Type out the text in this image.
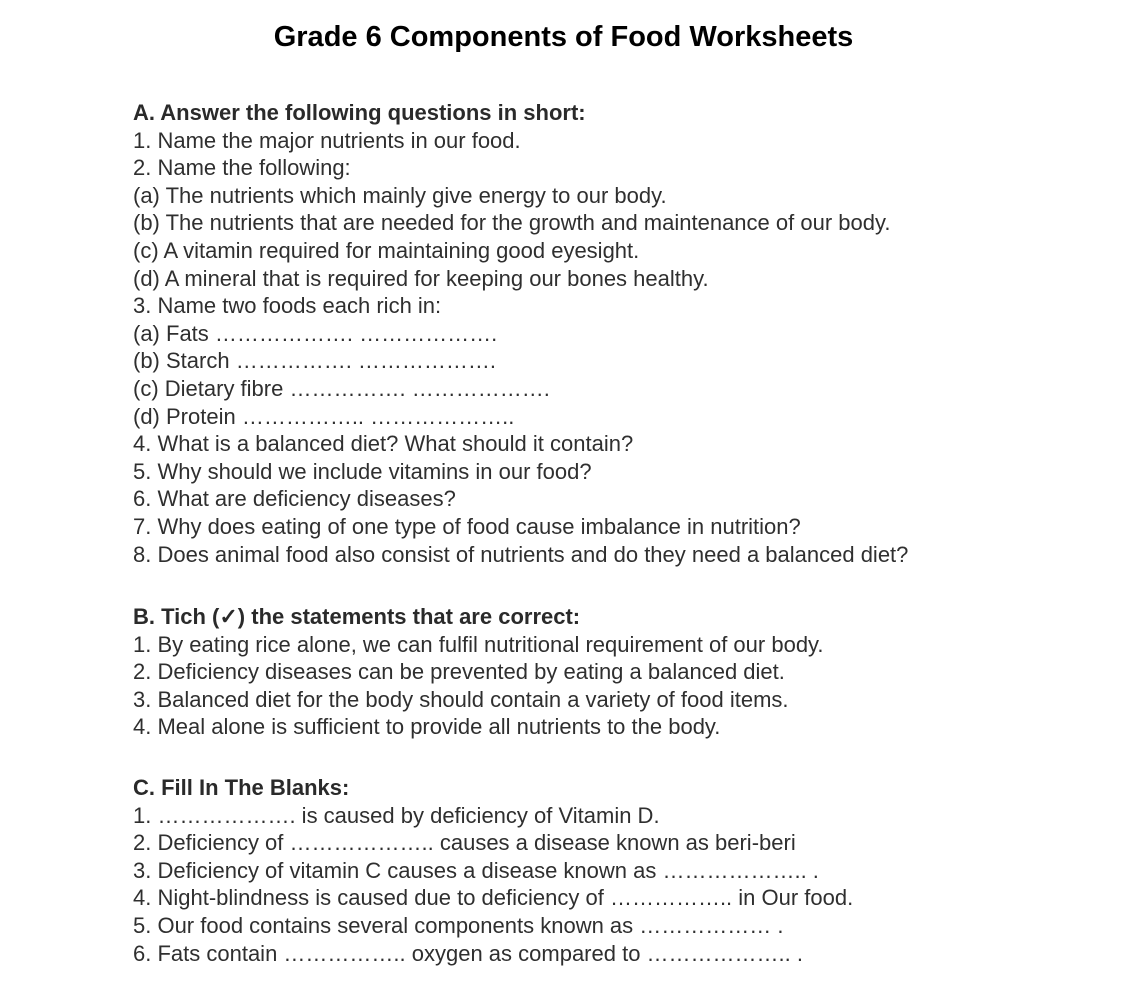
Grade 6 Components of Food Worksheets

A. Answer the following questions in short:

1. Name the major nutrients in our food.

2. Name the following:

(a) The nutrients which mainly give energy to our body.

(b) The nutrients that are needed for the growth and maintenance of our body.

(c) A vitamin required for maintaining good eyesight.

(d) A mineral that is required for keeping our bones healthy.

3. Name two foods each rich in:

(a) Fats ………………. ……………….

(b) Starch ……………. ……………….

(c) Dietary fibre ……………. ……………….

(d) Protein …………….. ………………..

4. What is a balanced diet? What should it contain?

5. Why should we include vitamins in our food?

6. What are deficiency diseases?

7. Why does eating of one type of food cause imbalance in nutrition?

8. Does animal food also consist of nutrients and do they need a balanced diet?

B. Tich (✓) the statements that are correct:

1. By eating rice alone, we can fulfil nutritional requirement of our body.

2. Deficiency diseases can be prevented by eating a balanced diet.

3. Balanced diet for the body should contain a variety of food items.

4. Meal alone is sufficient to provide all nutrients to the body.

C. Fill In The Blanks:

1. ………………. is caused by deficiency of Vitamin D.

2. Deficiency of ……………….. causes a disease known as beri-beri

3. Deficiency of vitamin C causes a disease known as ……………….. .

4. Night-blindness is caused due to deficiency of …………….. in Our food.

5. Our food contains several components known as ……………… .

6. Fats contain …………….. oxygen as compared to ……………….. .
